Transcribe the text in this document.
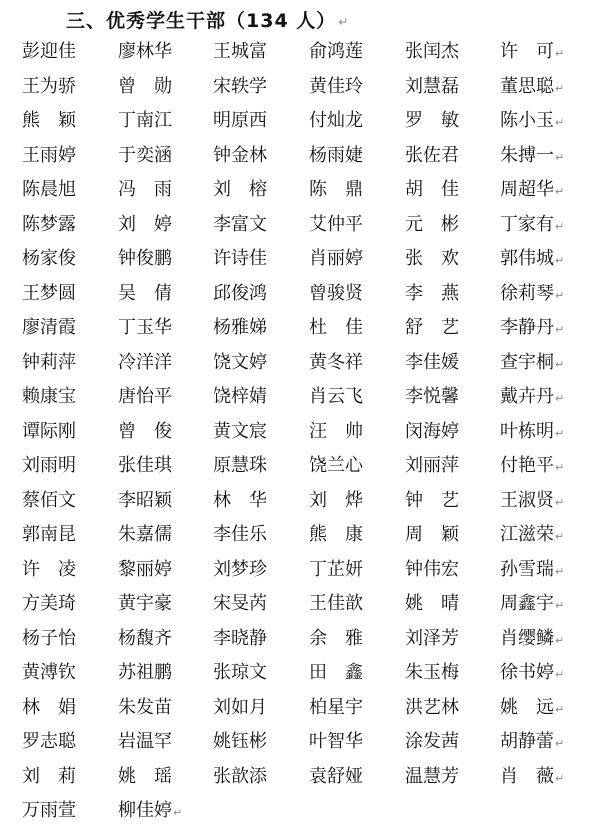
三、优秀学生干部（134 人） ↵
彭迎佳 廖林华 王城富 俞鸿莲 张闰杰 许　可↵
王为骄 曾　勋 宋轶学 黄佳玲 刘慧磊 董思聪↵
熊　颖 丁南江 明原西 付灿龙 罗　敏 陈小玉↵
王雨婷 于奕涵 钟金林 杨雨婕 张佐君 朱搏一↵
陈晨旭 冯　雨 刘　榕 陈　鼎 胡　佳 周超华↵
陈梦露 刘　婷 李富文 艾仲平 元　彬 丁家有↵
杨家俊 钟俊鹏 许诗佳 肖丽婷 张　欢 郭伟城↵
王梦圆 吴　倩 邱俊鸿 曾骏贤 李　燕 徐莉琴↵
廖清霞 丁玉华 杨雅娣 杜　佳 舒　艺 李静丹↵
钟莉萍 冷洋洋 饶文婷 黄冬祥 李佳媛 查宇桐↵
赖康宝 唐怡平 饶梓婧 肖云飞 李悦馨 戴卉丹↵
谭际刚 曾　俊 黄文宸 汪　帅 闵海婷 叶栋明↵
刘雨明 张佳琪 原慧珠 饶兰心 刘丽萍 付艳平↵
蔡佰文 李昭颖 林　华 刘　烨 钟　艺 王淑贤↵
郭南昆 朱嘉儒 李佳乐 熊　康 周　颖 江滋荣↵
许　凌 黎丽婷 刘梦珍 丁芷妍 钟伟宏 孙雪瑞↵
方美琦 黄宇豪 宋旻芮 王佳歆 姚　晴 周鑫宇↵
杨子怡 杨馥齐 李晓静 余　雅 刘泽芳 肖缨鳞↵
黄溥钦 苏祖鹏 张琼文 田　鑫 朱玉梅 徐书婷↵
林　娟 朱发苗 刘如月 柏星宇 洪艺林 姚　远↵
罗志聪 岩温罕 姚钰彬 叶智华 涂发茜 胡静蕾↵
刘　莉 姚　瑶 张歆添 袁舒娅 温慧芳 肖　薇↵
万雨萱 柳佳婷↵
